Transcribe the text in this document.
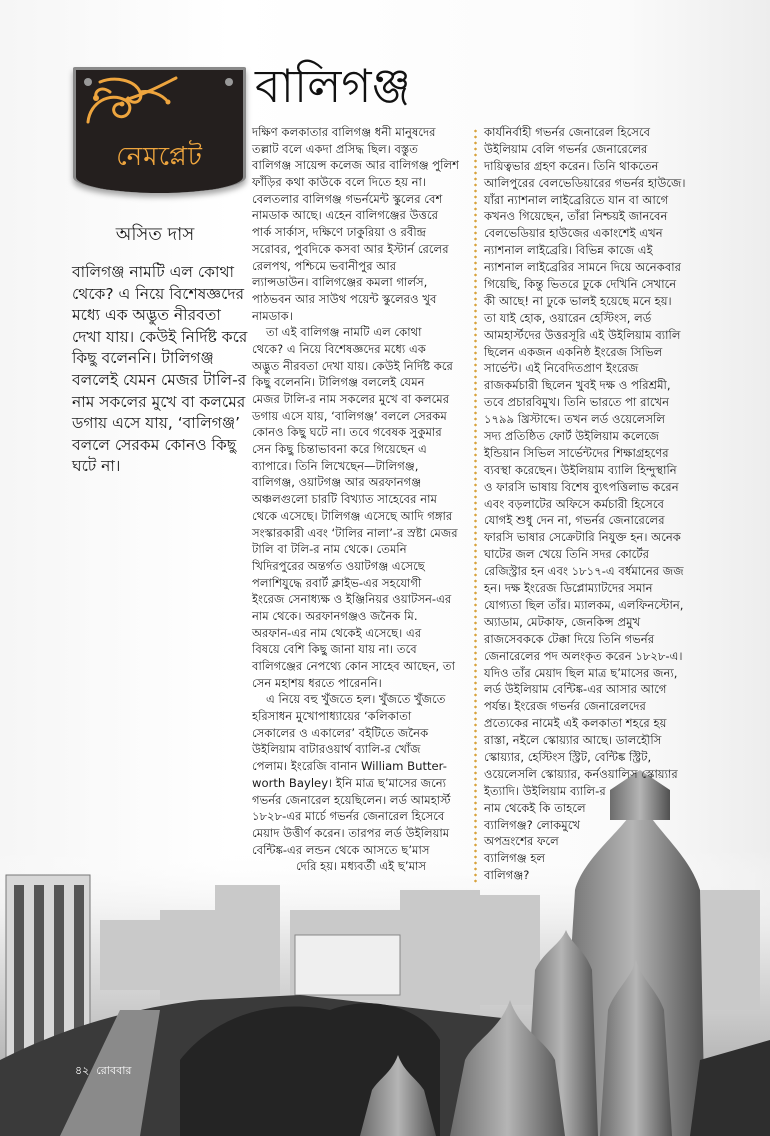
নেমপ্লেট
বালিগঞ্জ
অসিত দাস
বালিগঞ্জ নামটি এল কোথা থেকে? এ নিয়ে বিশেষজ্ঞদের মধ্যে এক অদ্ভুত নীরবতা দেখা যায়। কেউই নির্দিষ্ট করে কিছু বলেননি। টালিগঞ্জ বললেই যেমন মেজর টালি-র নাম সকলের মুখে বা কলমের ডগায় এসে যায়, ‘বালিগঞ্জ’ বললে সেরকম কোনও কিছু ঘটে না।
দক্ষিণ কলকাতার বালিগঞ্জ ধনী মানুষদের
তল্লাট বলে একদা প্রসিদ্ধ ছিল। বস্তুত
বালিগঞ্জ সায়েন্স কলেজ আর বালিগঞ্জ পুলিশ
ফাঁড়ির কথা কাউকে বলে দিতে হয় না।
বেলতলার বালিগঞ্জ গভর্নমেন্ট স্কুলের বেশ
নামডাক আছে। এহেন বালিগঞ্জের উত্তরে
পার্ক সার্কাস, দক্ষিণে ঢাকুরিয়া ও রবীন্দ্র
সরোবর, পুবদিকে কসবা আর ইস্টার্ন রেলের
রেলপথ, পশ্চিমে ভবানীপুর আর
ল্যান্সডাউন। বালিগঞ্জের কমলা গার্লস,
পাঠভবন আর সাউথ পয়েন্ট স্কুলেরও খুব
নামডাক।
তা এই বালিগঞ্জ নামটি এল কোথা
থেকে? এ নিয়ে বিশেষজ্ঞদের মধ্যে এক
অদ্ভুত নীরবতা দেখা যায়। কেউই নির্দিষ্ট করে
কিছু বলেননি। টালিগঞ্জ বললেই যেমন
মেজর টালি-র নাম সকলের মুখে বা কলমের
ডগায় এসে যায়, ‘বালিগঞ্জ’ বললে সেরকম
কোনও কিছু ঘটে না। তবে গবেষক সুকুমার
সেন কিছু চিন্তাভাবনা করে গিয়েছেন এ
ব্যাপারে। তিনি লিখেছেন—টালিগঞ্জ,
বালিগঞ্জ, ওয়াটগঞ্জ আর অরফানগঞ্জ
অঞ্চলগুলো চারটি বিখ্যাত সাহেবের নাম
থেকে এসেছে। টালিগঞ্জ এসেছে আদি গঙ্গার
সংস্কারকারী এবং ‘টালির নালা’-র স্রষ্টা মেজর
টালি বা টলি-র নাম থেকে। তেমনি
খিদিরপুরের অন্তর্গত ওয়াটগঞ্জ এসেছে
পলাশিযুদ্ধে রবার্ট ক্লাইভ-এর সহযোগী
ইংরেজ সেনাধ্যক্ষ ও ইঞ্জিনিয়র ওয়াটসন-এর
নাম থেকে। অরফানগঞ্জও জনৈক মি.
অরফান-এর নাম থেকেই এসেছে। এর
বিষয়ে বেশি কিছু জানা যায় না। তবে
বালিগঞ্জের নেপথ্যে কোন সাহেব আছেন, তা
সেন মহাশয় ধরতে পারেননি।
এ নিয়ে বহু খুঁজতে হল। খুঁজতে খুঁজতে
হরিসাধন মুখোপাধ্যায়ের ‘কলিকাতা
সেকালের ও একালের’ বইটিতে জনৈক
উইলিয়াম বাটারওয়ার্থ ব্যালি-র খোঁজ
পেলাম। ইংরেজি বানান William Butter-
worth Bayley। ইনি মাত্র ছ’মাসের জন্যে
গভর্নর জেনারেল হয়েছিলেন। লর্ড আমহার্স্ট
১৮২৮-এর মার্চে গভর্নর জেনারেল হিসেবে
মেয়াদ উত্তীর্ণ করেন। তারপর লর্ড উইলিয়াম
বেন্টিঙ্ক-এর লন্ডন থেকে আসতে ছ’মাস
দেরি হয়। মধ্যবর্তী এই ছ’মাস
কার্যনির্বাহী গভর্নর জেনারেল হিসেবে
উইলিয়াম বেলি গভর্নর জেনারেলের
দায়িত্বভার গ্রহণ করেন। তিনি থাকতেন
আলিপুরের বেলভেডিয়ারের গভর্নর হাউজে।
যাঁরা ন্যাশনাল লাইব্রেরিতে যান বা আগে
কখনও গিয়েছেন, তাঁরা নিশ্চয়ই জানবেন
বেলভেডিয়ার হাউজের একাংশেই এখন
ন্যাশনাল লাইব্রেরি। বিভিন্ন কাজে এই
ন্যাশনাল লাইব্রেরির সামনে দিয়ে অনেকবার
গিয়েছি, কিন্তু ভিতরে ঢুকে দেখিনি সেখানে
কী আছে! না ঢুকে ভালই হয়েছে মনে হয়।
তা যাই হোক, ওয়ারেন হেস্টিংস, লর্ড
আমহার্স্টদের উত্তরসূরি এই উইলিয়াম ব্যালি
ছিলেন একজন একনিষ্ঠ ইংরেজ সিভিল
সার্ভেন্ট। এই নিবেদিতপ্রাণ ইংরেজ
রাজকর্মচারী ছিলেন খুবই দক্ষ ও পরিশ্রমী,
তবে প্রচারবিমুখ। তিনি ভারতে পা রাখেন
১৭৯৯ খ্রিস্টাব্দে। তখন লর্ড ওয়েলেসলি
সদ্য প্রতিষ্ঠিত ফোর্ট উইলিয়াম কলেজে
ইন্ডিয়ান সিভিল সার্ভেন্টদের শিক্ষাগ্রহণের
ব্যবস্থা করেছেন। উইলিয়াম ব্যালি হিন্দুস্থানি
ও ফারসি ভাষায় বিশেষ ব্যুৎপত্তিলাভ করেন
এবং বড়লাটের অফিসে কর্মচারী হিসেবে
যোগই শুধু দেন না, গভর্নর জেনারেলের
ফারসি ভাষার সেক্রেটারি নিযুক্ত হন। অনেক
ঘাটের জল খেয়ে তিনি সদর কোর্টের
রেজিস্ট্রার হন এবং ১৮১৭-এ বর্ধমানের জজ
হন। দক্ষ ইংরেজ ডিপ্লোম্যাটদের সমান
যোগ্যতা ছিল তাঁর। ম্যালকম, এলফিনস্টোন,
অ্যাডাম, মেটকাফ, জেনকিন্স প্রমুখ
রাজসেবককে টেক্কা দিয়ে তিনি গভর্নর
জেনারেলের পদ অলংকৃত করেন ১৮২৮-এ।
যদিও তাঁর মেয়াদ ছিল মাত্র ছ’মাসের জন্য,
লর্ড উইলিয়াম বেন্টিঙ্ক-এর আসার আগে
পর্যন্ত। ইংরেজ গভর্নর জেনারেলদের
প্রত্যেকের নামেই এই কলকাতা শহরে হয়
রাস্তা, নইলে স্কোয়্যার আছে। ডালহৌসি
স্কোয়্যার, হেস্টিংস স্ট্রিট, বেন্টিঙ্ক স্ট্রিট,
ওয়েলেসলি স্কোয়্যার, কর্নওয়ালিস স্কোয়্যার
ইত্যাদি। উইলিয়াম ব্যালি-র
নাম থেকেই কি তাহলে
ব্যালিগঞ্জ? লোকমুখে
অপভ্রংশের ফলে
ব্যালিগঞ্জ হল
বালিগঞ্জ?
৪২ রোববার
